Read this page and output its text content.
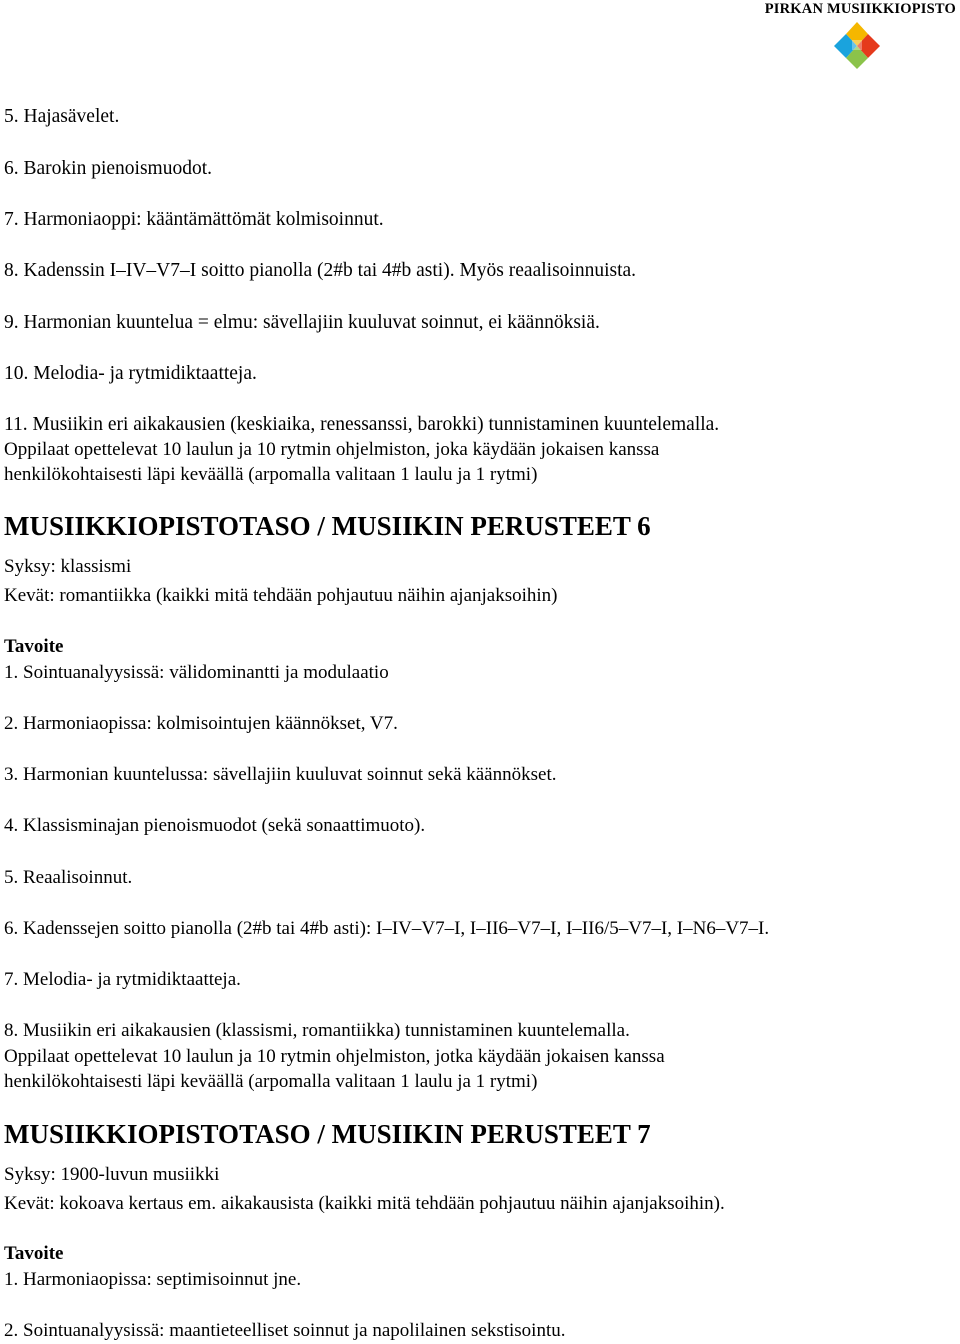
PIRKAN MUSIIKKIOPISTO
5. Hajasävelet.
6. Barokin pienoismuodot.
7. Harmoniaoppi: kääntämättömät kolmisoinnut.
8. Kadenssin I–IV–V7–I soitto pianolla (2#b tai 4#b asti). Myös reaalisoinnuista.
9. Harmonian kuuntelua = elmu: sävellajiin kuuluvat soinnut, ei käännöksiä.
10. Melodia- ja rytmidiktaatteja.
11. Musiikin eri aikakausien (keskiaika, renessanssi, barokki) tunnistaminen kuuntelemalla.
Oppilaat opettelevat 10 laulun ja 10 rytmin ohjelmiston, joka käydään jokaisen kanssa
henkilökohtaisesti läpi keväällä (arpomalla valitaan 1 laulu ja 1 rytmi)
MUSIIKKIOPISTOTASO / MUSIIKIN PERUSTEET 6
Syksy: klassismi
Kevät: romantiikka (kaikki mitä tehdään pohjautuu näihin ajanjaksoihin)
Tavoite
1. Sointuanalyysissä: välidominantti ja modulaatio
2. Harmoniaopissa: kolmisointujen käännökset, V7.
3. Harmonian kuuntelussa: sävellajiin kuuluvat soinnut sekä käännökset.
4. Klassisminajan pienoismuodot (sekä sonaattimuoto).
5. Reaalisoinnut.
6. Kadenssejen soitto pianolla (2#b tai 4#b asti): I–IV–V7–I, I–II6–V7–I, I–II6/5–V7–I, I–N6–V7–I.
7. Melodia- ja rytmidiktaatteja.
8. Musiikin eri aikakausien (klassismi, romantiikka) tunnistaminen kuuntelemalla.
Oppilaat opettelevat 10 laulun ja 10 rytmin ohjelmiston, jotka käydään jokaisen kanssa
henkilökohtaisesti läpi keväällä (arpomalla valitaan 1 laulu ja 1 rytmi)
MUSIIKKIOPISTOTASO / MUSIIKIN PERUSTEET 7
Syksy: 1900-luvun musiikki
Kevät: kokoava kertaus em. aikakausista (kaikki mitä tehdään pohjautuu näihin ajanjaksoihin).
Tavoite
1. Harmoniaopissa: septimisoinnut jne.
2. Sointuanalyysissä: maantieteelliset soinnut ja napolilainen sekstisointu.
